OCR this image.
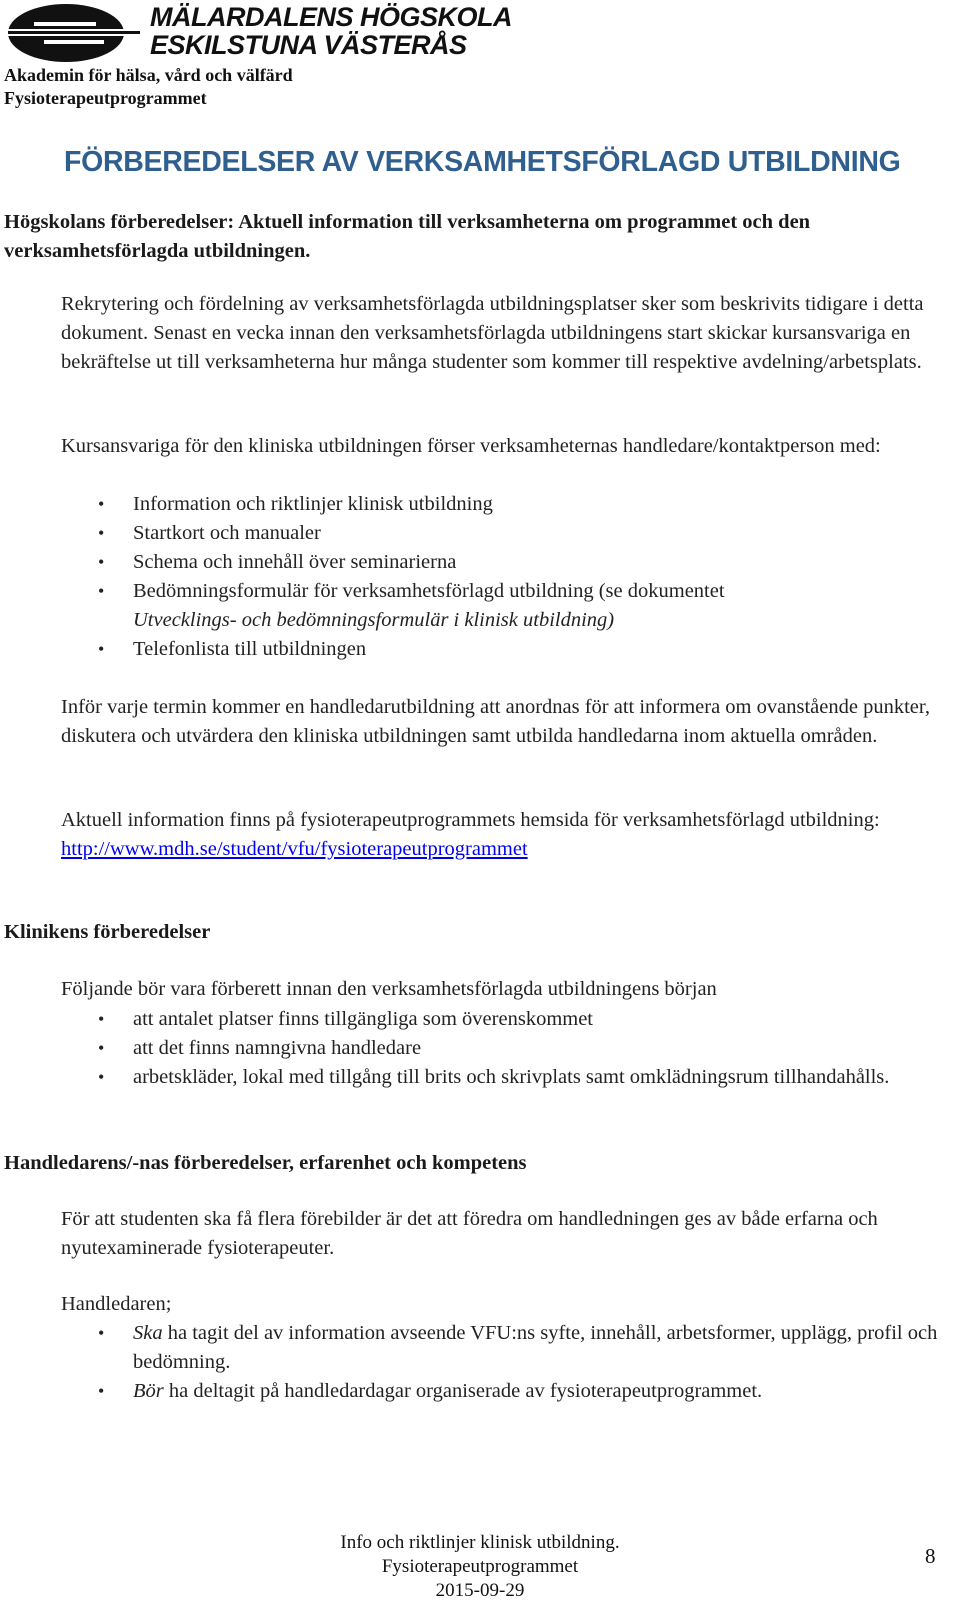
MÄLARDALENS HÖGSKOLA
ESKILSTUNA VÄSTERÅS
Akademin för hälsa, vård och välfärd
Fysioterapeutprogrammet
FÖRBEREDELSER AV VERKSAMHETSFÖRLAGD UTBILDNING
Högskolans förberedelser: Aktuell information till verksamheterna om programmet och den verksamhetsförlagda utbildningen.
Rekrytering och fördelning av verksamhetsförlagda utbildningsplatser sker som beskrivits tidigare i detta dokument. Senast en vecka innan den verksamhetsförlagda utbildningens start skickar kursansvariga en bekräftelse ut till verksamheterna hur många studenter som kommer till respektive avdelning/arbetsplats.
Kursansvariga för den kliniska utbildningen förser verksamheternas handledare/kontaktperson med:
• Information och riktlinjer klinisk utbildning
• Startkort och manualer
• Schema och innehåll över seminarierna
• Bedömningsformulär för verksamhetsförlagd utbildning (se dokumentet
Utvecklings- och bedömningsformulär i klinisk utbildning)
• Telefonlista till utbildningen
Inför varje termin kommer en handledarutbildning att anordnas för att informera om ovanstående punkter, diskutera och utvärdera den kliniska utbildningen samt utbilda handledarna inom aktuella områden.
Aktuell information finns på fysioterapeutprogrammets hemsida för verksamhetsförlagd utbildning: http://www.mdh.se/student/vfu/fysioterapeutprogrammet
Klinikens förberedelser
Följande bör vara förberett innan den verksamhetsförlagda utbildningens början
• att antalet platser finns tillgängliga som överenskommet
• att det finns namngivna handledare
• arbetskläder, lokal med tillgång till brits och skrivplats samt omklädningsrum tillhandahålls.
Handledarens/-nas förberedelser, erfarenhet och kompetens
För att studenten ska få flera förebilder är det att föredra om handledningen ges av både erfarna och nyutexaminerade fysioterapeuter.
Handledaren;
• Ska ha tagit del av information avseende VFU:ns syfte, innehåll, arbetsformer, upplägg, profil och bedömning.
• Bör ha deltagit på handledardagar organiserade av fysioterapeutprogrammet.
Info och riktlinjer klinisk utbildning.
Fysioterapeutprogrammet
2015-09-29
8
